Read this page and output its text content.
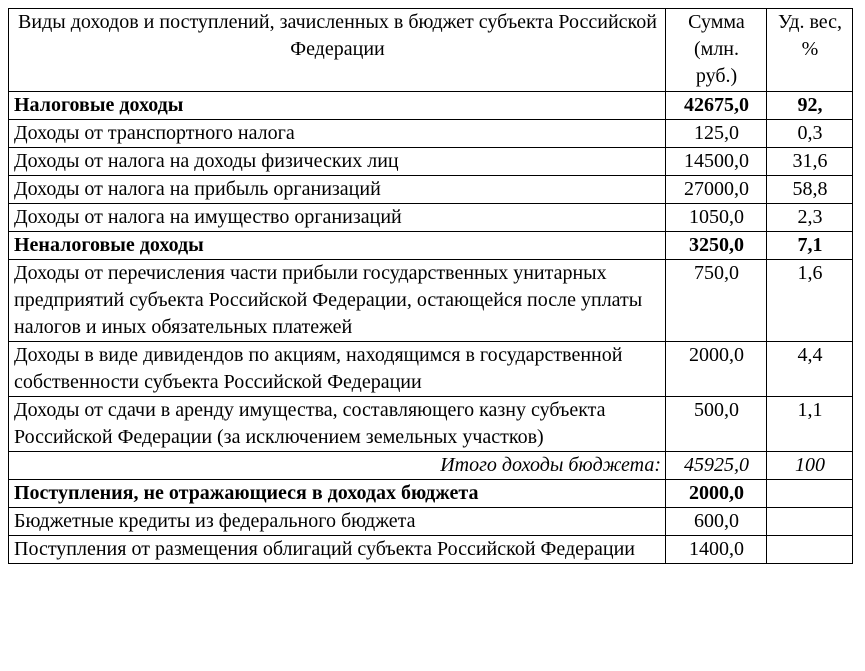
Виды доходов и поступлений, зачисленных в бюджет субъекта Российской Федерации	Сумма (млн. руб.)	Уд. вес, %
Налоговые доходы	42675,0	92,
Доходы от транспортного налога	125,0	0,3
Доходы от налога на доходы физических лиц	14500,0	31,6
Доходы от налога на прибыль организаций	27000,0	58,8
Доходы от налога на имущество организаций	1050,0	2,3
Неналоговые доходы	3250,0	7,1
Доходы от перечисления части прибыли государственных унитарных предприятий субъекта Российской Федерации, остающейся после уплаты налогов и иных обязательных платежей	750,0	1,6
Доходы в виде дивидендов по акциям, находящимся в государственной собственности субъекта Российской Федерации	2000,0	4,4
Доходы от сдачи в аренду имущества, составляющего казну субъекта Российской Федерации (за исключением земельных участков)	500,0	1,1
Итого доходы бюджета:	45925,0	100
Поступления, не отражающиеся в доходах бюджета	2000,0	
Бюджетные кредиты из федерального бюджета	600,0	
Поступления от размещения облигаций субъекта Российской Федерации	1400,0	
